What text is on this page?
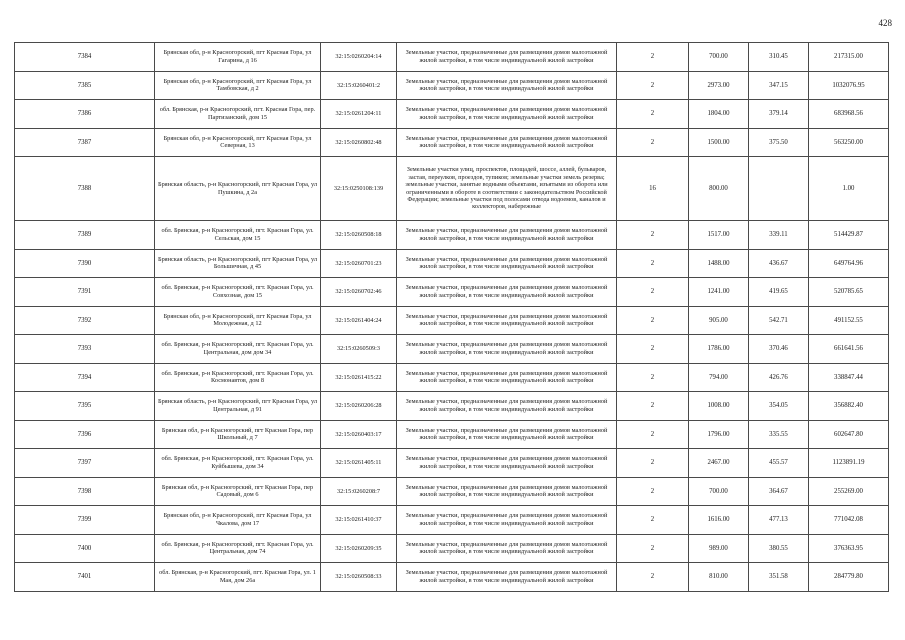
428
7384	Брянская обл, р-н Красногорский, пгт Красная Гора, ул Гагарина, д 16	32:15:0260204:14	Земельные участки, предназначенные для размещения домов малоэтажной жилой застройки, в том числе индивидуальной жилой застройки	2	700.00	310.45	217315.00
7385	Брянская обл, р-н Красногорский, пгт Красная Гора, ул Тамбовская, д 2	32:15:0260401:2	Земельные участки, предназначенные для размещения домов малоэтажной жилой застройки, в том числе индивидуальной жилой застройки	2	2973.00	347.15	1032076.95
7386	обл. Брянская, р-н Красногорский, пгт. Красная Гора, пер. Партизанский, дом 15	32:15:0261204:11	Земельные участки, предназначенные для размещения домов малоэтажной жилой застройки, в том числе индивидуальной жилой застройки	2	1804.00	379.14	683968.56
7387	Брянская обл, р-н Красногорский, пгт Красная Гора, ул Северная, 13	32:15:0260802:48	Земельные участки, предназначенные для размещения домов малоэтажной жилой застройки, в том числе индивидуальной жилой застройки	2	1500.00	375.50	563250.00
7388	Брянская область, р-н Красногорский, пгт Красная Гора, ул Пушкина, д 2а	32:15:0250108:139	Земельные участки улиц, проспектов, площадей, шоссе, аллей, бульваров, застав, переулков, проездов, тупиков; земельные участки земель резерва; земельные участки, занятые водными объектами, изъятыми из оборота или ограниченными в обороте в соответствии с законодательством Российской Федерации; земельные участки под полосами отвода водоемов, каналов и коллекторов, набережные	16	800.00		1.00
7389	обл. Брянская, р-н Красногорский, пгт. Красная Гора, ул. Сельская, дом 15	32:15:0260508:18	Земельные участки, предназначенные для размещения домов малоэтажной жилой застройки, в том числе индивидуальной жилой застройки	2	1517.00	339.11	514429.87
7390	Брянская область, р-н Красногорский, пгт Красная Гора, ул Большичная, д 45	32:15:0260701:23	Земельные участки, предназначенные для размещения домов малоэтажной жилой застройки, в том числе индивидуальной жилой застройки	2	1488.00	436.67	649764.96
7391	обл. Брянская, р-н Красногорский, пгт. Красная Гора, ул. Совхозная, дом 15	32:15:0260702:46	Земельные участки, предназначенные для размещения домов малоэтажной жилой застройки, в том числе индивидуальной жилой застройки	2	1241.00	419.65	520785.65
7392	Брянская обл, р-н Красногорский, пгт Красная Гора, ул Молодежная, д 12	32:15:0261404:24	Земельные участки, предназначенные для размещения домов малоэтажной жилой застройки, в том числе индивидуальной жилой застройки	2	905.00	542.71	491152.55
7393	обл. Брянская, р-н Красногорский, пгт. Красная Гора, ул. Центральная, дом дом 34	32:15:0260509:3	Земельные участки, предназначенные для размещения домов малоэтажной жилой застройки, в том числе индивидуальной жилой застройки	2	1786.00	370.46	661641.56
7394	обл. Брянская, р-н Красногорский, пгт. Красная Гора, ул. Космонавтов, дом 8	32:15:0261415:22	Земельные участки, предназначенные для размещения домов малоэтажной жилой застройки, в том числе индивидуальной жилой застройки	2	794.00	426.76	338847.44
7395	Брянская область, р-н Красногорский, пгт Красная Гора, ул Центральная, д 91	32:15:0260206:28	Земельные участки, предназначенные для размещения домов малоэтажной жилой застройки, в том числе индивидуальной жилой застройки	2	1008.00	354.05	356882.40
7396	Брянская обл, р-н Красногорский, пгт Красная Гора, пер Школьный, д 7	32:15:0260403:17	Земельные участки, предназначенные для размещения домов малоэтажной жилой застройки, в том числе индивидуальной жилой застройки	2	1796.00	335.55	602647.80
7397	обл. Брянская, р-н Красногорский, пгт. Красная Гора, ул. Куйбышева, дом 34	32:15:0261405:11	Земельные участки, предназначенные для размещения домов малоэтажной жилой застройки, в том числе индивидуальной жилой застройки	2	2467.00	455.57	1123891.19
7398	Брянская обл, р-н Красногорский, пгт Красная Гора, пер Садовый, дом 6	32:15:0260208:7	Земельные участки, предназначенные для размещения домов малоэтажной жилой застройки, в том числе индивидуальной жилой застройки	2	700.00	364.67	255269.00
7399	Брянская обл, р-н Красногорский, пгт Красная Гора, ул Чкалова, дом 17	32:15:0261410:37	Земельные участки, предназначенные для размещения домов малоэтажной жилой застройки, в том числе индивидуальной жилой застройки	2	1616.00	477.13	771042.08
7400	обл. Брянская, р-н Красногорский, пгт. Красная Гора, ул. Центральная, дом 74	32:15:0260209:35	Земельные участки, предназначенные для размещения домов малоэтажной жилой застройки, в том числе индивидуальной жилой застройки	2	989.00	380.55	376363.95
7401	обл. Брянская, р-н Красногорский, пгт. Красная Гора, ул. 1 Мая, дом 26а	32:15:0260508:33	Земельные участки, предназначенные для размещения домов малоэтажной жилой застройки, в том числе индивидуальной жилой застройки	2	810.00	351.58	284779.80
